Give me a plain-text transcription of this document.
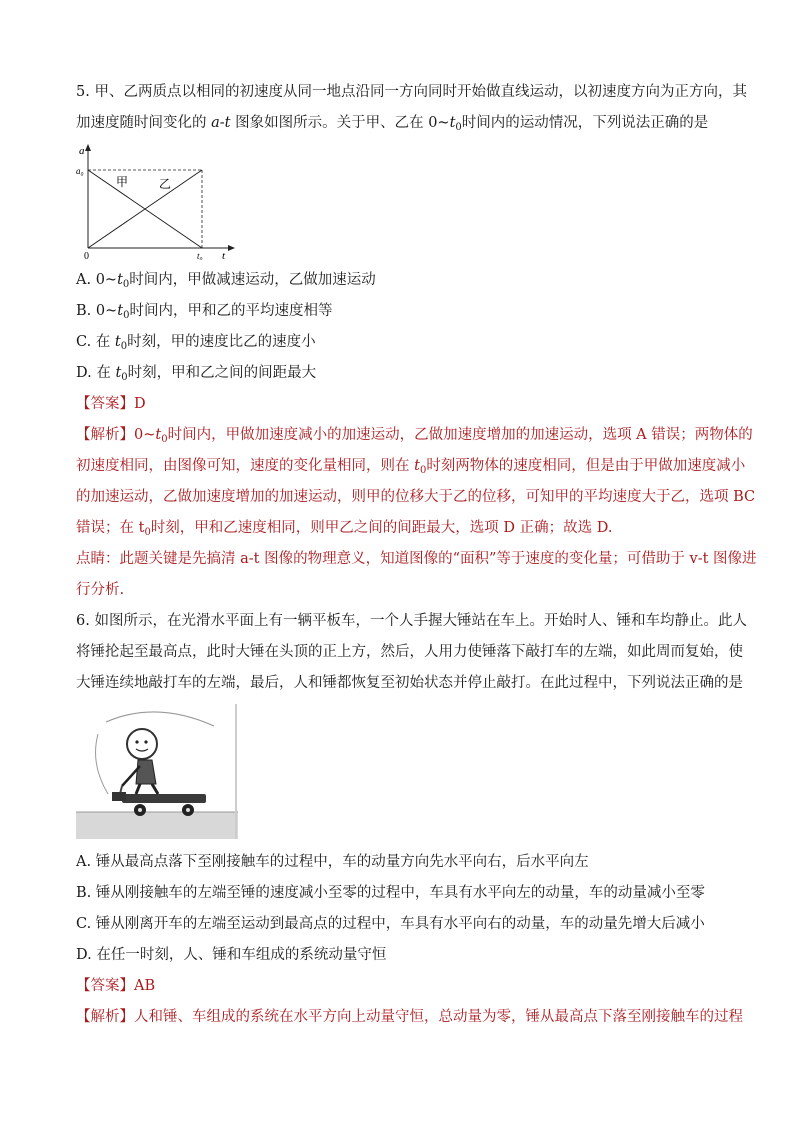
5. 甲、乙两质点以相同的初速度从同一地点沿同一方向同时开始做直线运动，以初速度方向为正方向，其
加速度随时间变化的 a-t 图象如图所示。关于甲、乙在 $0\sim t_0$时间内的运动情况，下列说法正确的是
a
a₀
0	t₀ t
甲	乙
A. $0\sim t_0$时间内，甲做减速运动，乙做加速运动
B. $0\sim t_0$时间内，甲和乙的平均速度相等
C. 在 $t_0$时刻，甲的速度比乙的速度小
D. 在 $t_0$时刻，甲和乙之间的间距最大
【答案】D
【解析】$0\sim t_0$时间内，甲做加速度减小的加速运动，乙做加速度增加的加速运动，选项 A 错误；两物体的
初速度相同，由图像可知，速度的变化量相同，则在 $t_0$时刻两物体的速度相同，但是由于甲做加速度减小
的加速运动，乙做加速度增加的加速运动，则甲的位移大于乙的位移，可知甲的平均速度大于乙，选项 BC
错误；在 $t_0$时刻，甲和乙速度相同，则甲乙之间的间距最大，选项 D 正确；故选 D.
点睛：此题关键是先搞清 a-t 图像的物理意义，知道图像的“面积”等于速度的变化量；可借助于 v-t 图像进
行分析.
6. 如图所示，在光滑水平面上有一辆平板车，一个人手握大锤站在车上。开始时人、锤和车均静止。此人
将锤抡起至最高点，此时大锤在头顶的正上方，然后，人用力使锤落下敲打车的左端，如此周而复始，使
大锤连续地敲打车的左端，最后，人和锤都恢复至初始状态并停止敲打。在此过程中，下列说法正确的是
A. 锤从最高点落下至刚接触车的过程中，车的动量方向先水平向右，后水平向左
B. 锤从刚接触车的左端至锤的速度减小至零的过程中，车具有水平向左的动量，车的动量减小至零
C. 锤从刚离开车的左端至运动到最高点的过程中，车具有水平向右的动量，车的动量先增大后减小
D. 在任一时刻，人、锤和车组成的系统动量守恒
【答案】AB
【解析】人和锤、车组成的系统在水平方向上动量守恒，总动量为零，锤从最高点下落至刚接触车的过程
